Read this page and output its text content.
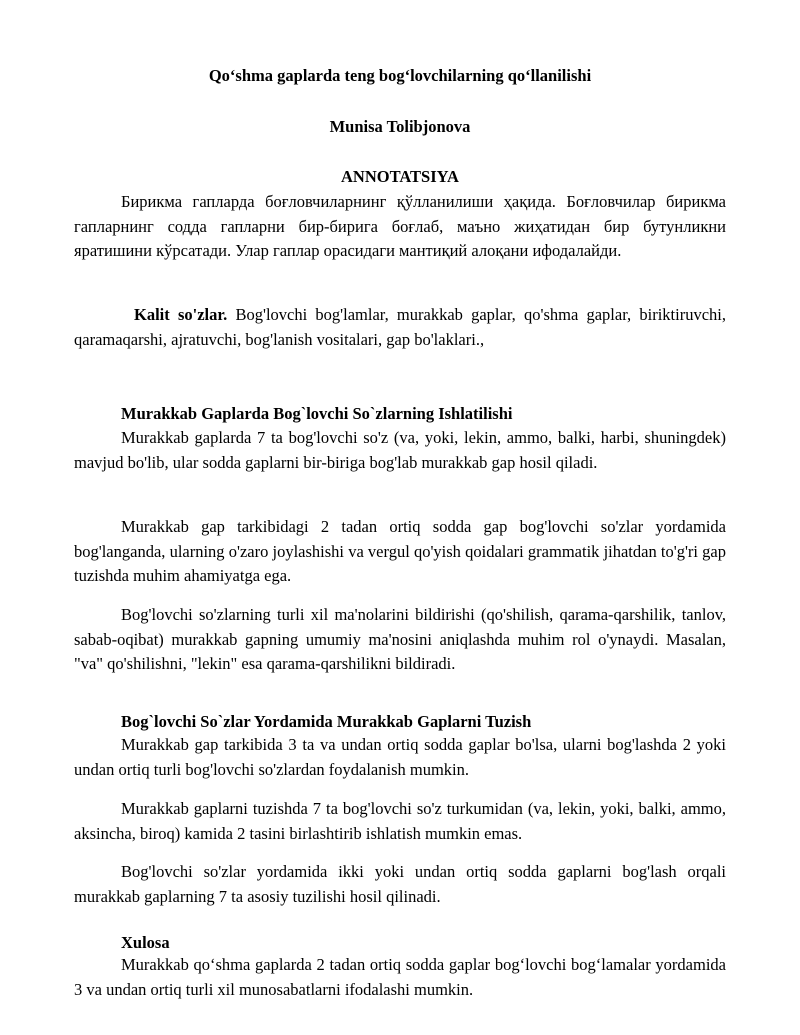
Qo‘shma gaplarda teng bog‘lovchilarning qo‘llanilishi

Munisa Tolibjonova

ANNOTATSIYA

Бирикма гапларда боғловчиларнинг қўлланилиши ҳақида. Боғловчилар бирикма гапларнинг содда гапларни бир-бирига боғлаб, маъно жиҳатидан бир бутунликни яратишини кўрсатади. Улар гаплар орасидаги мантиқий алоқани ифодалайди.

Kalit so'zlar. Bog'lovchi bog'lamlar, murakkab gaplar, qo'shma gaplar, biriktiruvchi, qaramaqarshi, ajratuvchi, bog'lanish vositalari, gap bo'laklari.,

Murakkab Gaplarda Bog`lovchi So`zlarning Ishlatilishi

Murakkab gaplarda 7 ta bog'lovchi so'z (va, yoki, lekin, ammo, balki, harbi, shuningdek) mavjud bo'lib, ular sodda gaplarni bir-biriga bog'lab murakkab gap hosil qiladi.

Murakkab gap tarkibidagi 2 tadan ortiq sodda gap bog'lovchi so'zlar yordamida bog'langanda, ularning o'zaro joylashishi va vergul qo'yish qoidalari grammatik jihatdan to'g'ri gap tuzishda muhim ahamiyatga ega.

Bog'lovchi so'zlarning turli xil ma'nolarini bildirishi (qo'shilish, qarama-qarshilik, tanlov, sabab-oqibat) murakkab gapning umumiy ma'nosini aniqlashda muhim rol o'ynaydi. Masalan, "va" qo'shilishni, "lekin" esa qarama-qarshilikni bildiradi.

Bog`lovchi So`zlar Yordamida Murakkab Gaplarni Tuzish

Murakkab gap tarkibida 3 ta va undan ortiq sodda gaplar bo'lsa, ularni bog'lashda 2 yoki undan ortiq turli bog'lovchi so'zlardan foydalanish mumkin.

Murakkab gaplarni tuzishda 7 ta bog'lovchi so'z turkumidan (va, lekin, yoki, balki, ammo, aksincha, biroq) kamida 2 tasini birlashtirib ishlatish mumkin emas.

Bog'lovchi so'zlar yordamida ikki yoki undan ortiq sodda gaplarni bog'lash orqali murakkab gaplarning 7 ta asosiy tuzilishi hosil qilinadi.

Xulosa

Murakkab qo‘shma gaplarda 2 tadan ortiq sodda gaplar bog‘lovchi bog‘lamalar yordamida 3 va undan ortiq turli xil munosabatlarni ifodalashi mumkin.
